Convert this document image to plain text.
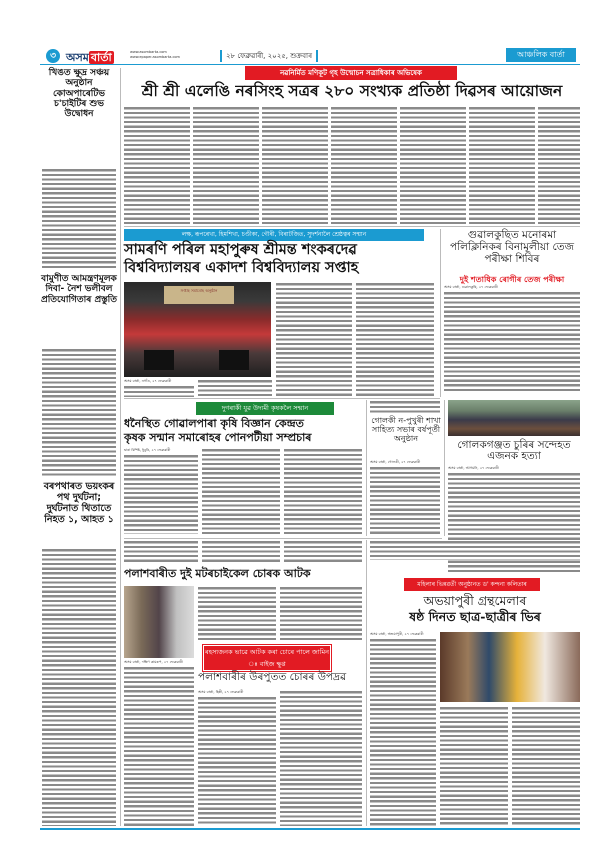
৩ অসম বার্তা	www.asombarta.com
www.epaper.asombarta.com	২৮ ফেব্ৰুৱাৰী, ২০২৫, শুক্রবাৰ	আঞ্চলিক বাৰ্তা
খিঙত ক্ষুদ্ৰ সঞ্চয় অনুষ্ঠান কোঅপাৰেটিভ চ'চাইটিৰ শুভ উদ্বোধন
বামুণীত আমন্ত্ৰণমূলক দিবা- নৈশ ভলীবল প্ৰতিযোগিতাৰ প্ৰস্তুতি
বৰপথাৰত ভয়ংকৰ পথ দুৰ্ঘটনা; দুৰ্ঘটনাত থিতাতে নিহত ১, আহত ১
নৱনিৰ্মিত মণিকূট গৃহ উন্মোচন সত্ৰাধিকাৰ অভিষেক
শ্ৰী শ্ৰী এলেঙি নৰসিংহ সত্ৰৰ ২৮০ সংখ্যক প্ৰতিষ্ঠা দিৱসৰ আয়োজন
লক্ষ, ৰূপৰেখা, হিমশিখা, চণ্ডীকা, গৌৰী, বিৰাটজিত, সুদৰ্শনালৈ শ্ৰেষ্ঠত্বৰ সন্মান
সামৰণি পৰিল মহাপুৰুষ শ্ৰীমন্ত শংকৰদেৱ
বিশ্ববিদ্যালয়ৰ একাদশ বিশ্ববিদ্যালয় সপ্তাহ
সপ্তাহ সমাৰোহ অনুষ্ঠান
অসম বাৰ্তা, নগাঁও, ২৭ ফেব্ৰুৱাৰী
গুৱালকুছিত মনোৰমা পলিক্লিনিকৰ বিনামূলীয়া তেজ পৰীক্ষা শিবিৰ
দুই শতাধিক ৰোগীৰ তেজ পৰীক্ষা
অসম বাৰ্তা, গুৱালকুছি, ২৭ ফেব্ৰুৱাৰী
দুগৰাকী যুৱ উদ্যমী কৃষকলৈ সন্মান
ধনৈস্থিত গোৱালপাৰা কৃষি বিজ্ঞান কেন্দ্ৰত
কৃষক সন্মান সমাৰোহৰ পোনপটীয়া সম্প্ৰচাৰ
দ্বাৰা বিশিষ্ট, ধুবুৰি, ২৭ ফেব্ৰুৱাৰী
গোলকী ন-পুখুৰী শাখা সাহিত্য সভাৰ বৰ্ষপূৰ্তী অনুষ্ঠান
অসম বাৰ্তা, গোলকী, ২৭ ফেব্ৰুৱাৰী
গোলকগঞ্জত চুৰিৰ সন্দেহত এজনক হত্যা
অসম বাৰ্তা, আগমনি, ২৭ ফেব্ৰুৱাৰী
পলাশবাৰীত দুই মটৰচাইকেল চোৰক আটক
অসম বাৰ্তা, দক্ষিণ কামৰূপ, ২৭ ফেব্ৰুৱাৰী
ৰহস্যজনক ভাৱে আটক কৰা চোৰে পালে জামিন ঃ বাইজ ক্ষুণ্ণ
পলাশবাৰীৰ উৰপুতত চোৰৰ উপদ্ৰৱ
অসম বাৰ্তা, ছিন্নী, ২৭ ফেব্ৰুৱাৰী
মহিলাৰ ভিন্নৱৰ্তী অনুষ্ঠানত ড' কন্দনা কলিতাৰ
অভয়াপুৰী গ্ৰন্থমেলাৰ
ষষ্ঠ দিনত ছাত্ৰ-ছাত্ৰীৰ ভিৰ
অসম বাৰ্তা, অভয়াপুৰী, ২৭ ফেব্ৰুৱাৰী
